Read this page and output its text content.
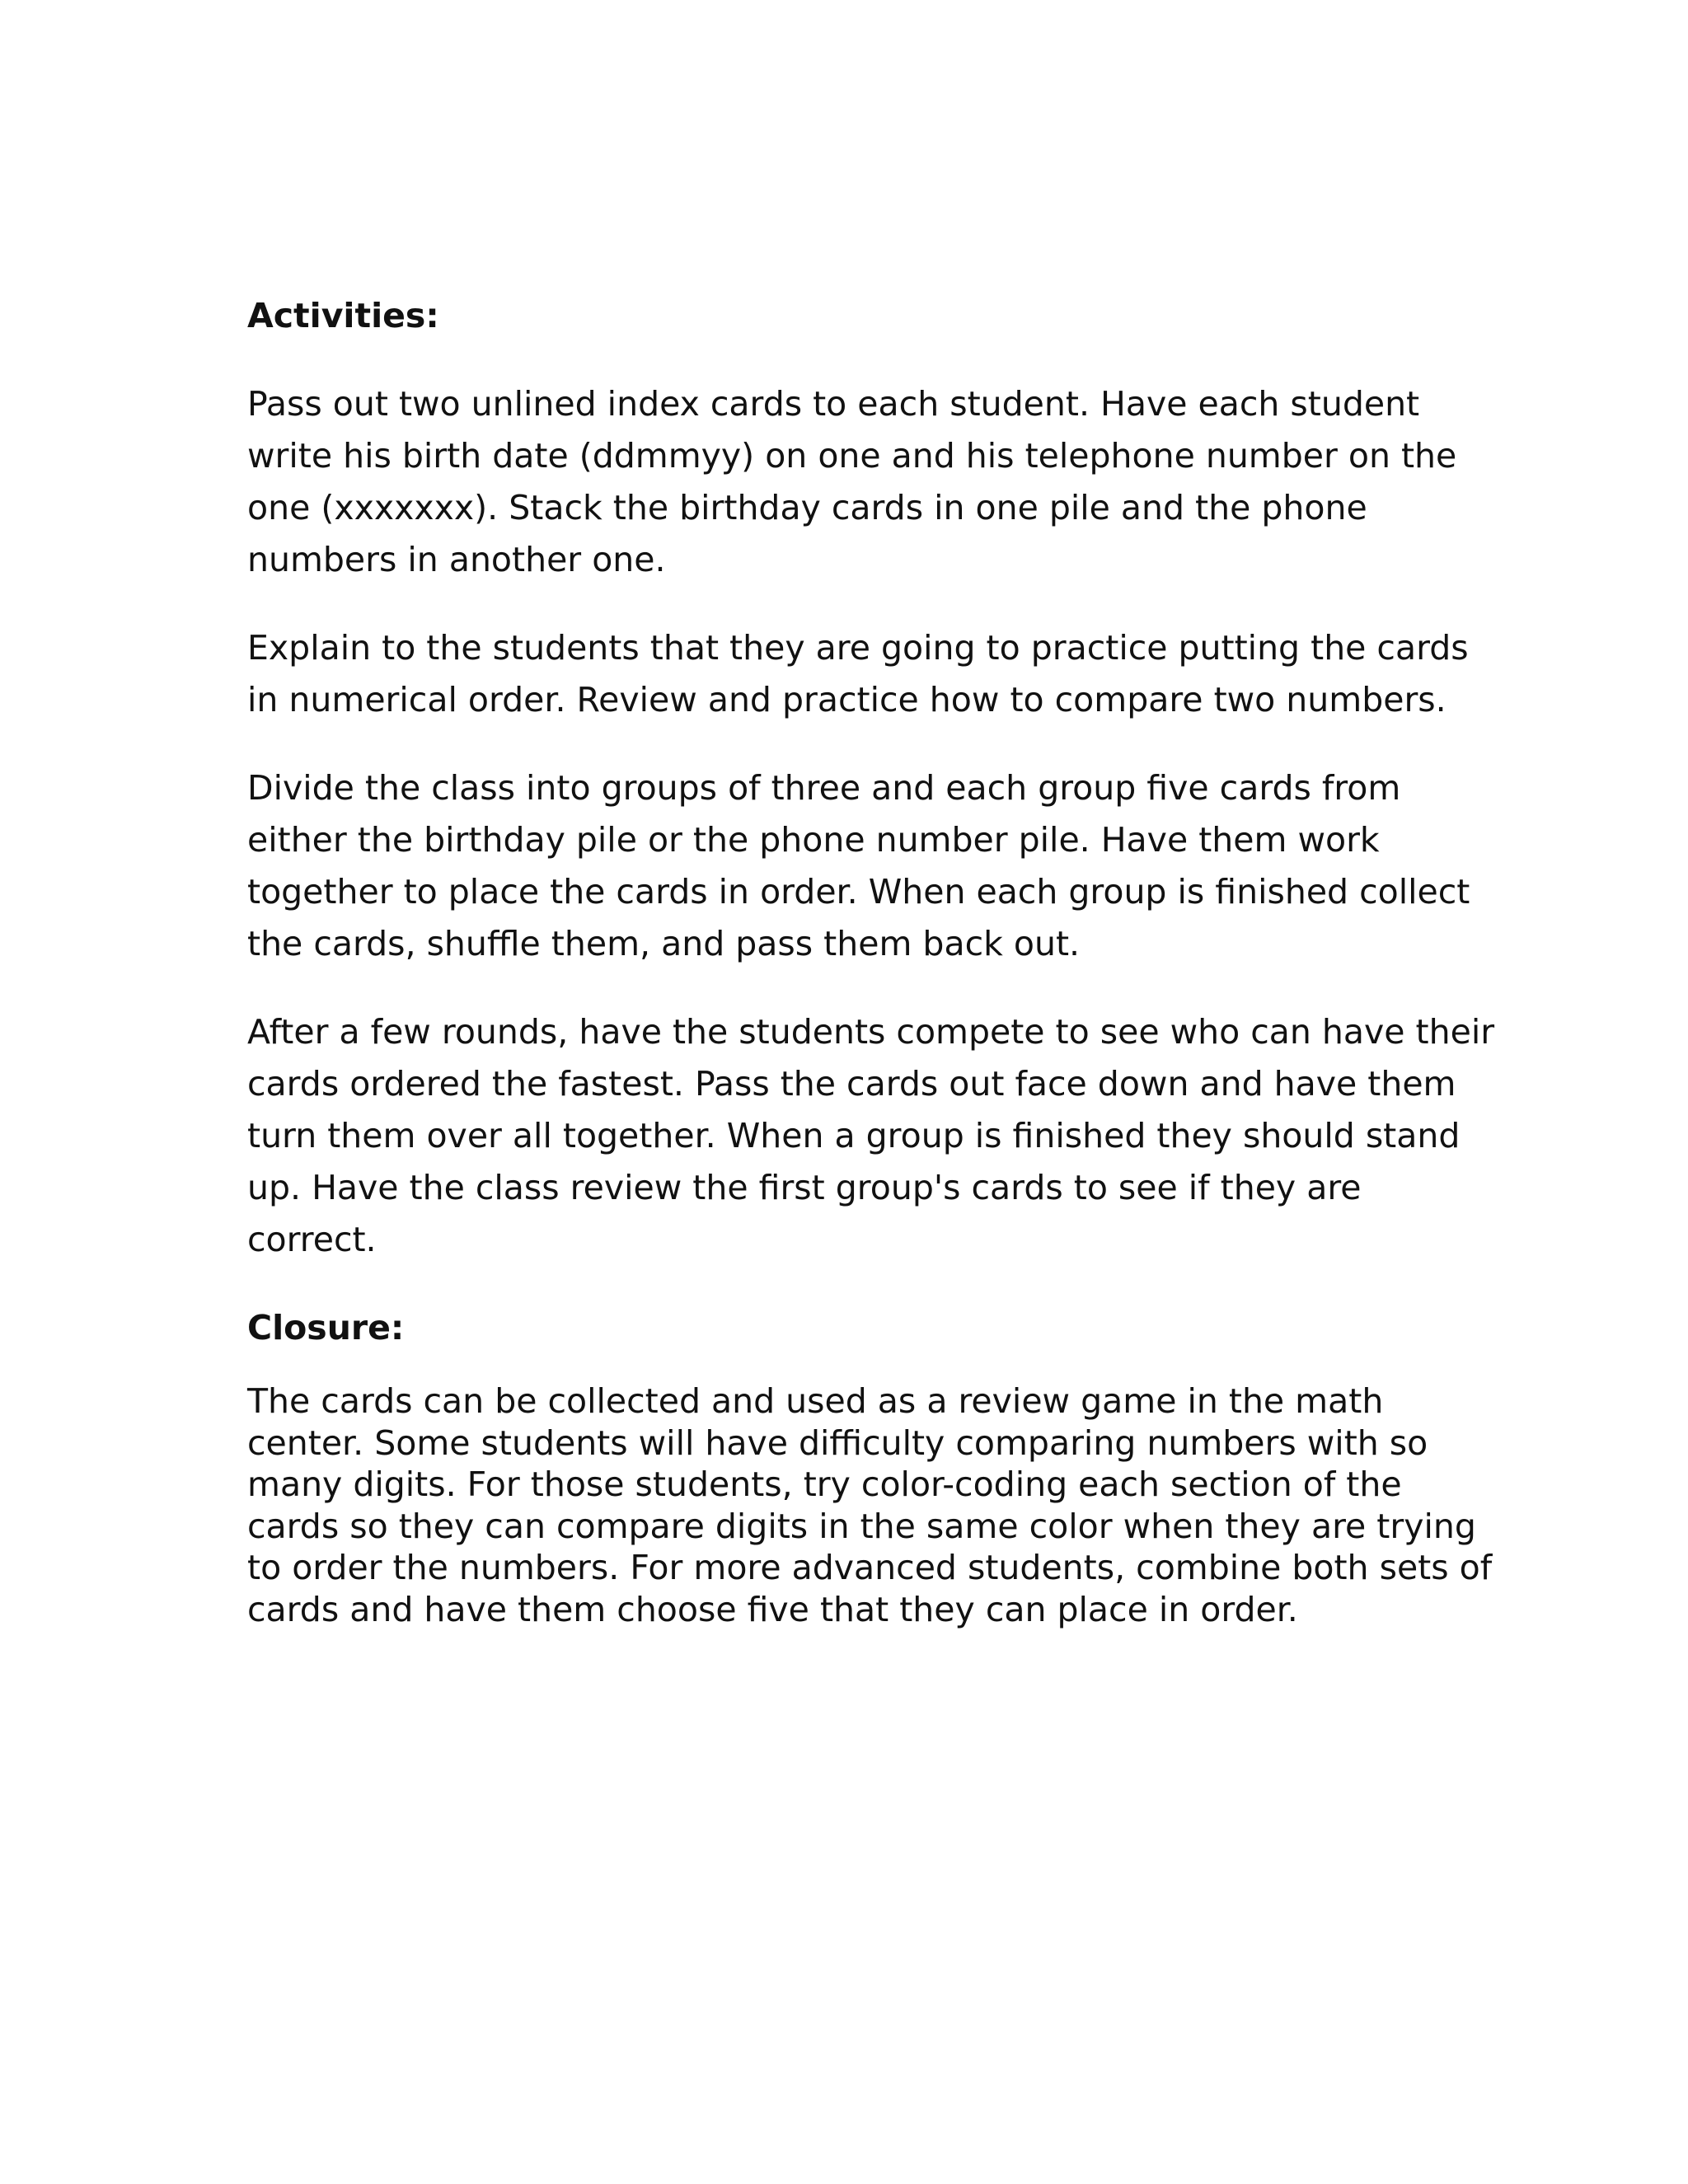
Activities:

Pass out two unlined index cards to each student. Have each student
write his birth date (ddmmyy) on one and his telephone number on the
one (xxxxxxx). Stack the birthday cards in one pile and the phone
numbers in another one.

Explain to the students that they are going to practice putting the cards
in numerical order. Review and practice how to compare two numbers.

Divide the class into groups of three and each group five cards from
either the birthday pile or the phone number pile. Have them work
together to place the cards in order. When each group is finished collect
the cards, shuffle them, and pass them back out.

After a few rounds, have the students compete to see who can have their
cards ordered the fastest. Pass the cards out face down and have them
turn them over all together. When a group is finished they should stand
up. Have the class review the first group's cards to see if they are
correct.

Closure:

The cards can be collected and used as a review game in the math
center. Some students will have difficulty comparing numbers with so
many digits. For those students, try color-coding each section of the
cards so they can compare digits in the same color when they are trying
to order the numbers. For more advanced students, combine both sets of
cards and have them choose five that they can place in order.
